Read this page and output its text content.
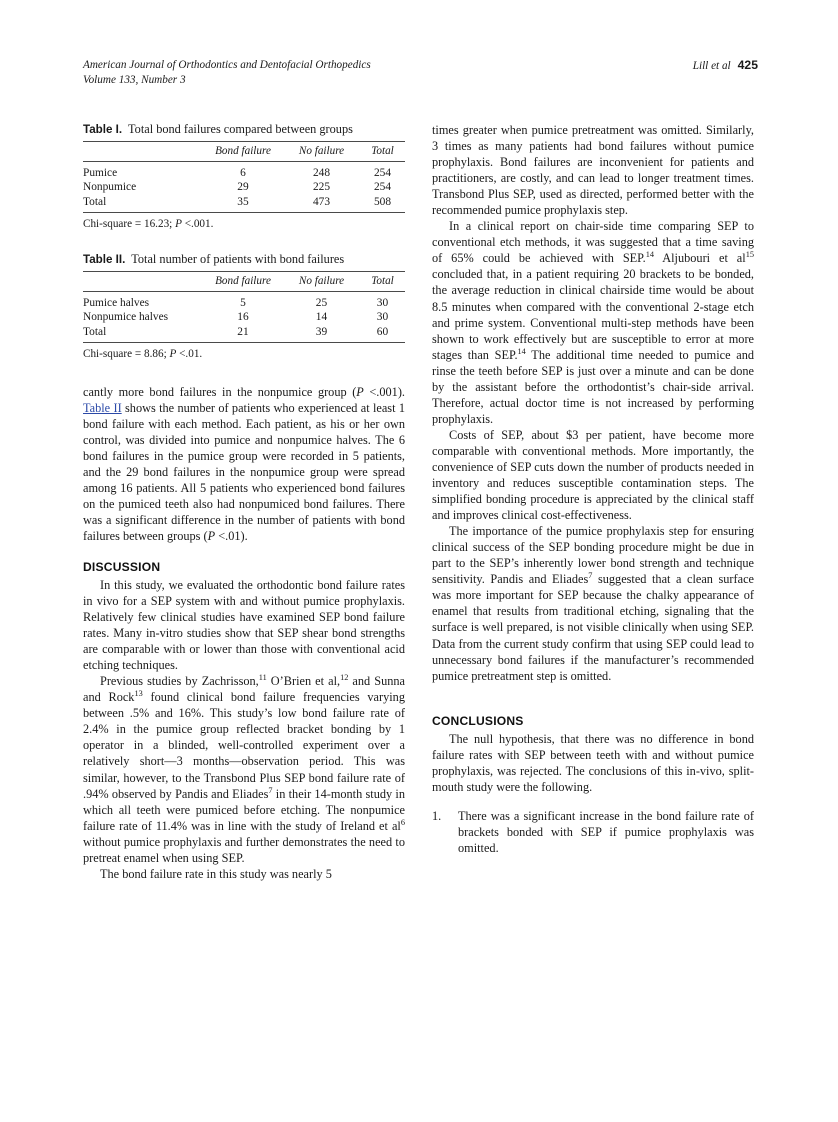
American Journal of Orthodontics and Dentofacial Orthopedics
Volume 133, Number 3
Lill et al 425
Table I. Total bond failures compared between groups
	Bond failure	No failure	Total
Pumice	6	248	254
Nonpumice	29	225	254
Total	35	473	508
Chi-square = 16.23; P <.001.
Table II. Total number of patients with bond failures
	Bond failure	No failure	Total
Pumice halves	5	25	30
Nonpumice halves	16	14	30
Total	21	39	60
Chi-square = 8.86; P <.01.

cantly more bond failures in the nonpumice group (P <.001). Table II shows the number of patients who experienced at least 1 bond failure with each method. Each patient, as his or her own control, was divided into pumice and nonpumice halves. The 6 bond failures in the pumice group were recorded in 5 patients, and the 29 bond failures in the nonpumice group were spread among 16 patients. All 5 patients who experienced bond failures on the pumiced teeth also had nonpumiced bond failures. There was a significant difference in the number of patients with bond failures between groups (P <.01).

DISCUSSION

In this study, we evaluated the orthodontic bond failure rates in vivo for a SEP system with and without pumice prophylaxis. Relatively few clinical studies have examined SEP bond failure rates. Many in-vitro studies show that SEP shear bond strengths are comparable with or lower than those with conventional acid etching techniques.

Previous studies by Zachrisson,$^{11}$ O’Brien et al,$^{12}$ and Sunna and Rock$^{13}$ found clinical bond failure frequencies varying between .5% and 16%. This study’s low bond failure rate of 2.4% in the pumice group reflected bracket bonding by 1 operator in a blinded, well-controlled experiment over a relatively short—3 months—observation period. This was similar, however, to the Transbond Plus SEP bond failure rate of .94% observed by Pandis and Eliades$^7$ in their 14-month study in which all teeth were pumiced before etching. The nonpumice failure rate of 11.4% was in line with the study of Ireland et $al^6$ without pumice prophylaxis and further demonstrates the need to pretreat enamel when using SEP.

The bond failure rate in this study was nearly 5

times greater when pumice pretreatment was omitted. Similarly, 3 times as many patients had bond failures without pumice prophylaxis. Bond failures are inconvenient for patients and practitioners, are costly, and can lead to longer treatment times. Transbond Plus SEP, used as directed, performed better with the recommended pumice prophylaxis step.

In a clinical report on chair-side time comparing SEP to conventional etch methods, it was suggested that a time saving of 65% could be achieved with SEP.$^{14}$ Aljubouri et $al^{15}$ concluded that, in a patient requiring 20 brackets to be bonded, the average reduction in clinical chairside time would be about 8.5 minutes when compared with the conventional 2-stage etch and prime system. Conventional multi-step methods have been shown to work effectively but are susceptible to error at more stages than SEP.$^{14}$ The additional time needed to pumice and rinse the teeth before SEP is just over a minute and can be done by the assistant before the orthodontist’s chair-side arrival. Therefore, actual doctor time is not increased by performing prophylaxis.

Costs of SEP, about $3 per patient, have become more comparable with conventional methods. More importantly, the convenience of SEP cuts down the number of products needed in inventory and reduces susceptible contamination steps. The simplified bonding procedure is appreciated by the clinical staff and improves clinical cost-effectiveness.

The importance of the pumice prophylaxis step for ensuring clinical success of the SEP bonding procedure might be due in part to the SEP’s inherently lower bond strength and technique sensitivity. Pandis and Eliades$^7$ suggested that a clean surface was more important for SEP because the chalky appearance of enamel that results from traditional etching, signaling that the surface is well prepared, is not visible clinically when using SEP. Data from the current study confirm that using SEP could lead to unnecessary bond failures if the manufacturer’s recommended pumice pretreatment step is omitted.

CONCLUSIONS

The null hypothesis, that there was no difference in bond failure rates with SEP between teeth with and without pumice prophylaxis, was rejected. The conclusions of this in-vivo, split-mouth study were the following.

1.	There was a significant increase in the bond failure rate of brackets bonded with SEP if pumice prophylaxis was omitted.
